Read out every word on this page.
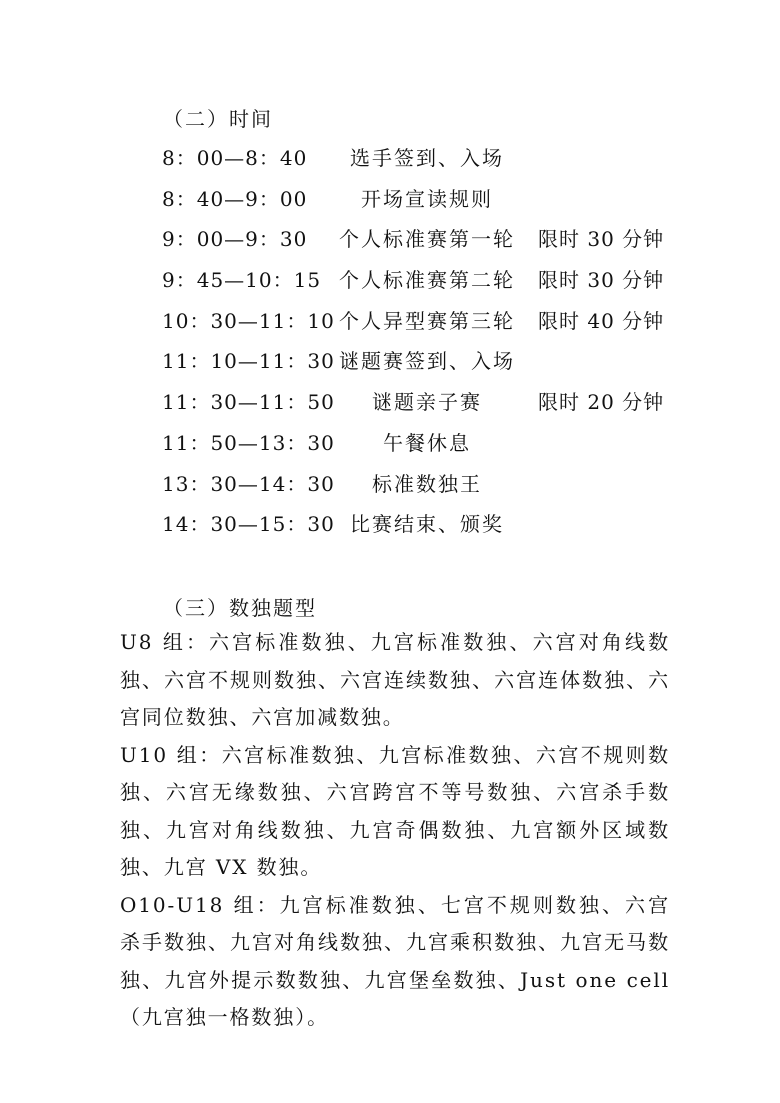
（二）时间
8：00—8：40	选手签到、入场
8：40—9：00	开场宣读规则
9：00—9：30	个人标准赛第一轮	限时 30 分钟
9：45—10：15 个人标准赛第二轮	限时 30 分钟
10：30—11：10 个人异型赛第三轮	限时 40 分钟
11：10—11：30 谜题赛签到、入场
11：30—11：50	谜题亲子赛	限时 20 分钟
11：50—13：30	午餐休息
13：30—14：30	标准数独王
14：30—15：30 比赛结束、颁奖
（三）数独题型

U8 组：六宫标准数独、九宫标准数独、六宫对角线数独、六宫不规则数独、六宫连续数独、六宫连体数独、六宫同位数独、六宫加减数独。

U10 组：六宫标准数独、九宫标准数独、六宫不规则数独、六宫无缘数独、六宫跨宫不等号数独、六宫杀手数独、九宫对角线数独、九宫奇偶数独、九宫额外区域数独、九宫 VX 数独。

O10-U18 组：九宫标准数独、七宫不规则数独、六宫杀手数独、九宫对角线数独、九宫乘积数独、九宫无马数独、九宫外提示数数独、九宫堡垒数独、Just one cell（九宫独一格数独）。
